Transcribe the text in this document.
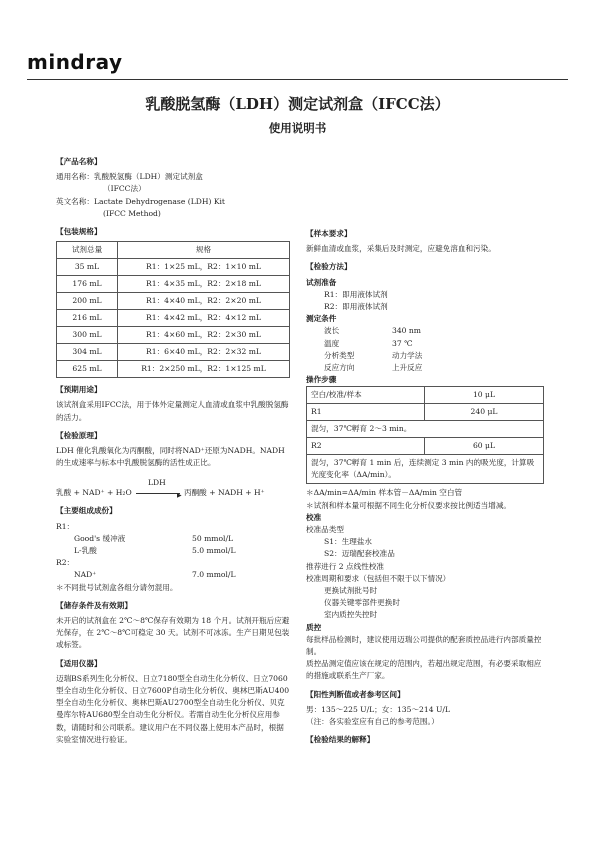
mindray
乳酸脱氢酶（LDH）测定试剂盒（IFCC法）
使用说明书

【产品名称】

通用名称：乳酸脱氢酶（LDH）测定试剂盒

（IFCC法）

英文名称：Lactate Dehydrogenase (LDH) Kit

(IFCC Method)

【包装规格】

试剂总量	规格
35 mL	R1：1×25 mL，R2：1×10 mL
176 mL	R1：4×35 mL，R2：2×18 mL
200 mL	R1：4×40 mL，R2：2×20 mL
216 mL	R1：4×42 mL，R2：4×12 mL
300 mL	R1：4×60 mL，R2：2×30 mL
304 mL	R1：6×40 mL，R2：2×32 mL
625 mL	R1：2×250 mL，R2：1×125 mL

【预期用途】

该试剂盒采用IFCC法，用于体外定量测定人血清或血浆中乳酸脱氢酶的活力。

【检验原理】

LDH 催化乳酸氧化为丙酮酸，同时将NAD⁺还原为NADH。NADH 的生成速率与标本中乳酸脱氢酶的活性成正比。

LDH
乳酸 + NAD⁺ + H₂O	▶ 丙酮酸 + NADH + H⁺

【主要组成成份】

R1：

Good's 缓冲液	50 mmol/L
L-乳酸	5.0 mmol/L

R2：

NAD⁺	7.0 mmol/L

＊不同批号试剂盒各组分请勿混用。

【储存条件及有效期】

未开启的试剂盒在 2℃～8℃保存有效期为 18 个月。试剂开瓶后应避光保存，在 2℃～8℃可稳定 30 天。试剂不可冰冻。生产日期见包装或标签。

【适用仪器】

迈瑞BS系列生化分析仪、日立7180型全自动生化分析仪、日立7060型全自动生化分析仪、日立7600P自动生化分析仪、奥林巴斯AU400型全自动生化分析仪、奥林巴斯AU2700型全自动生化分析仪、贝克曼库尔特AU680型全自动生化分析仪。若需自动生化分析仪应用参数，请随时和公司联系。建议用户在不同仪器上使用本产品时，根据实验室情况进行验证。

【样本要求】

新鲜血清或血浆，采集后及时测定，应避免溶血和污染。

【检验方法】

试剂准备

R1：即用液体试剂

R2：即用液体试剂

测定条件

波长	340 nm
温度	37 ℃
分析类型	动力学法
反应方向	上升反应

操作步骤

空白/校准/样本	10 μL
R1	240 μL
混匀，37℃孵育 2～3 min。	
R2	60 μL
混匀，37℃孵育 1 min 后，连续测定 3 min 内的吸光度，计算吸光度变化率（ΔA/min）。	

＊ΔA/min=ΔA/min 样本管－ΔA/min 空白管

＊试剂和样本量可根据不同生化分析仪要求按比例适当增减。

校准

校准品类型

S1：生理盐水

S2：迈瑞配套校准品

推荐进行 2 点线性校准

校准周期和要求（包括但不限于以下情况）

更换试剂批号时

仪器关键零部件更换时

室内质控失控时

质控

每批样品检测时，建议使用迈瑞公司提供的配套质控品进行内部质量控制。

质控品测定值应该在规定的范围内，若超出规定范围，有必要采取相应的措施或联系生产厂家。

【阳性判断值或者参考区间】

男：135～225 U/L；女：135～214 U/L

（注：各实验室应有自己的参考范围。）

【检验结果的解释】
